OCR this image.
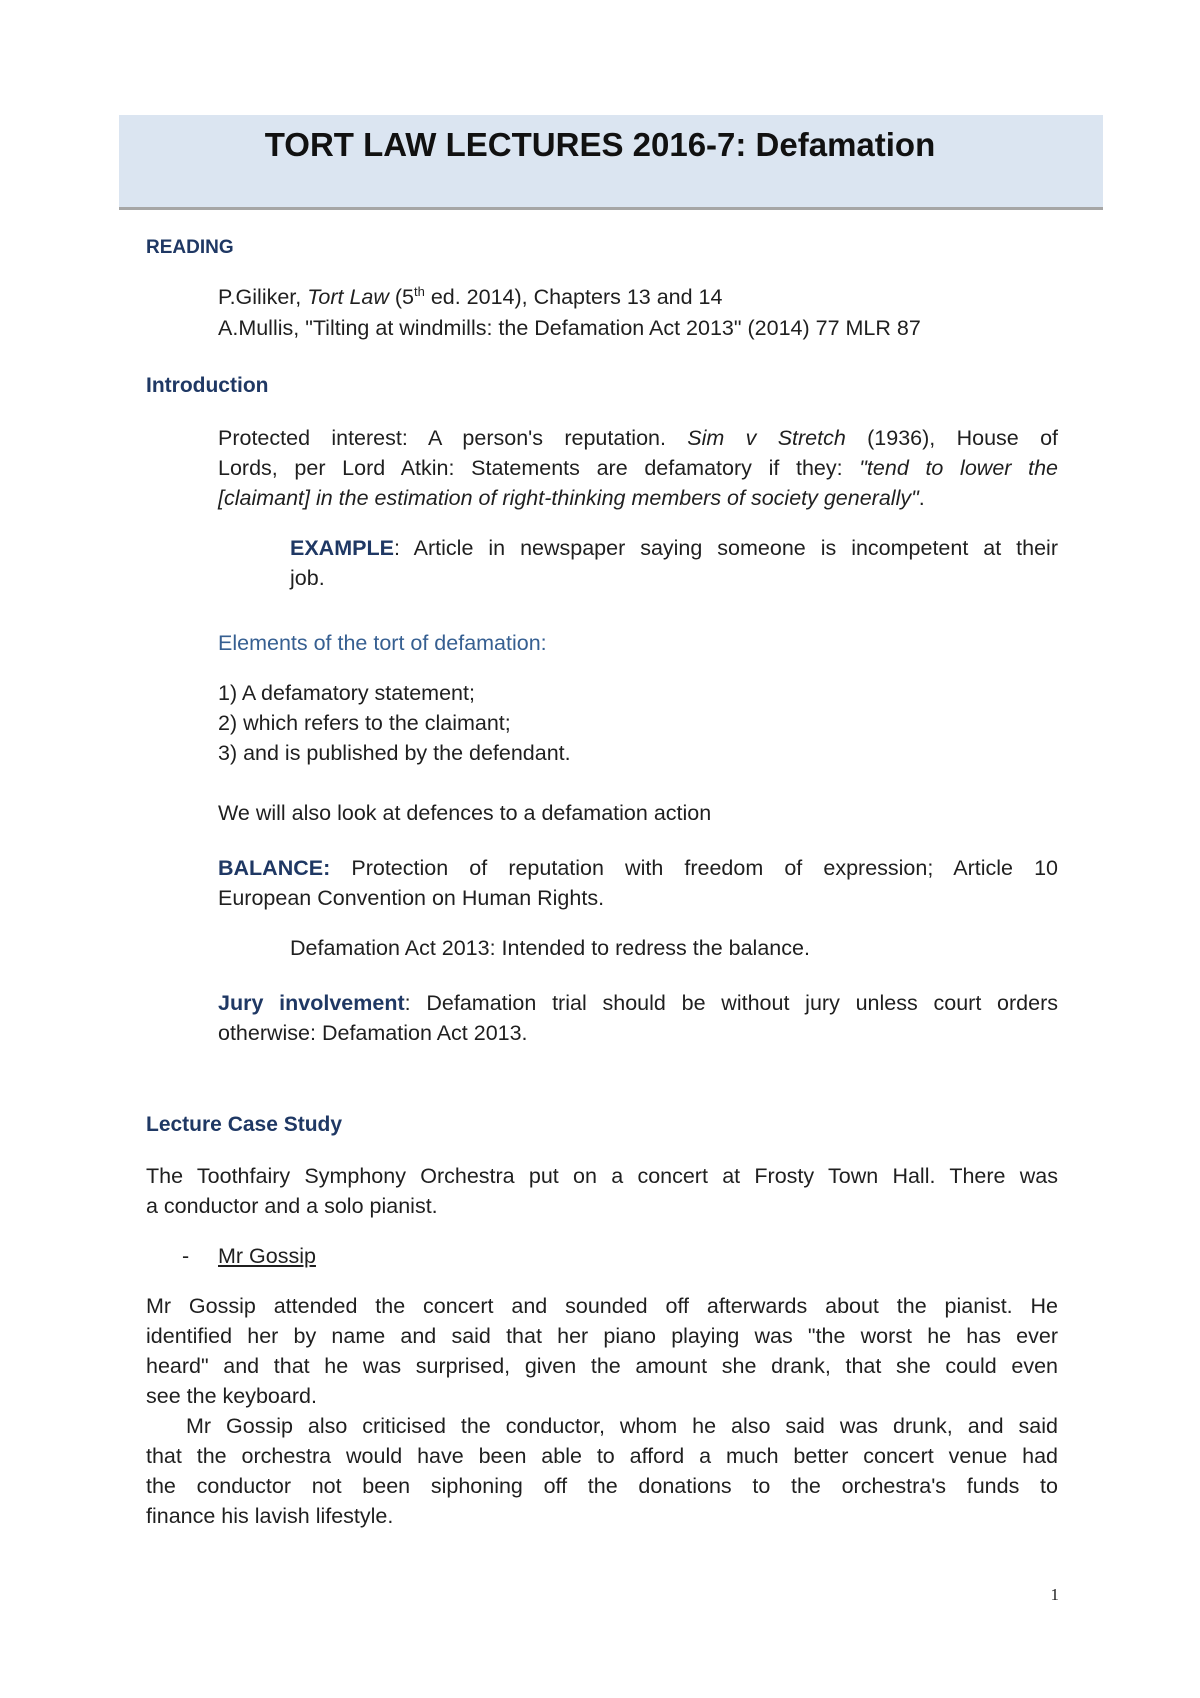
TORT LAW LECTURES 2016-7: Defamation
READING
P.Giliker, Tort Law (5th ed. 2014), Chapters 13 and 14
A.Mullis, "Tilting at windmills: the Defamation Act 2013" (2014) 77 MLR 87
Introduction
Protected interest: A person's reputation. Sim v Stretch (1936), House of
Lords, per Lord Atkin: Statements are defamatory if they: "tend to lower the
[claimant] in the estimation of right-thinking members of society generally".
EXAMPLE: Article in newspaper saying someone is incompetent at their
job.
Elements of the tort of defamation:
1) A defamatory statement;
2) which refers to the claimant;
3) and is published by the defendant.
We will also look at defences to a defamation action
BALANCE: Protection of reputation with freedom of expression; Article 10
European Convention on Human Rights.
Defamation Act 2013: Intended to redress the balance.
Jury involvement: Defamation trial should be without jury unless court orders
otherwise: Defamation Act 2013.
Lecture Case Study
The Toothfairy Symphony Orchestra put on a concert at Frosty Town Hall. There was
a conductor and a solo pianist.
- Mr Gossip
Mr Gossip attended the concert and sounded off afterwards about the pianist. He
identified her by name and said that her piano playing was "the worst he has ever
heard" and that he was surprised, given the amount she drank, that she could even
see the keyboard.
Mr Gossip also criticised the conductor, whom he also said was drunk, and said
that the orchestra would have been able to afford a much better concert venue had
the conductor not been siphoning off the donations to the orchestra's funds to
finance his lavish lifestyle.
1
